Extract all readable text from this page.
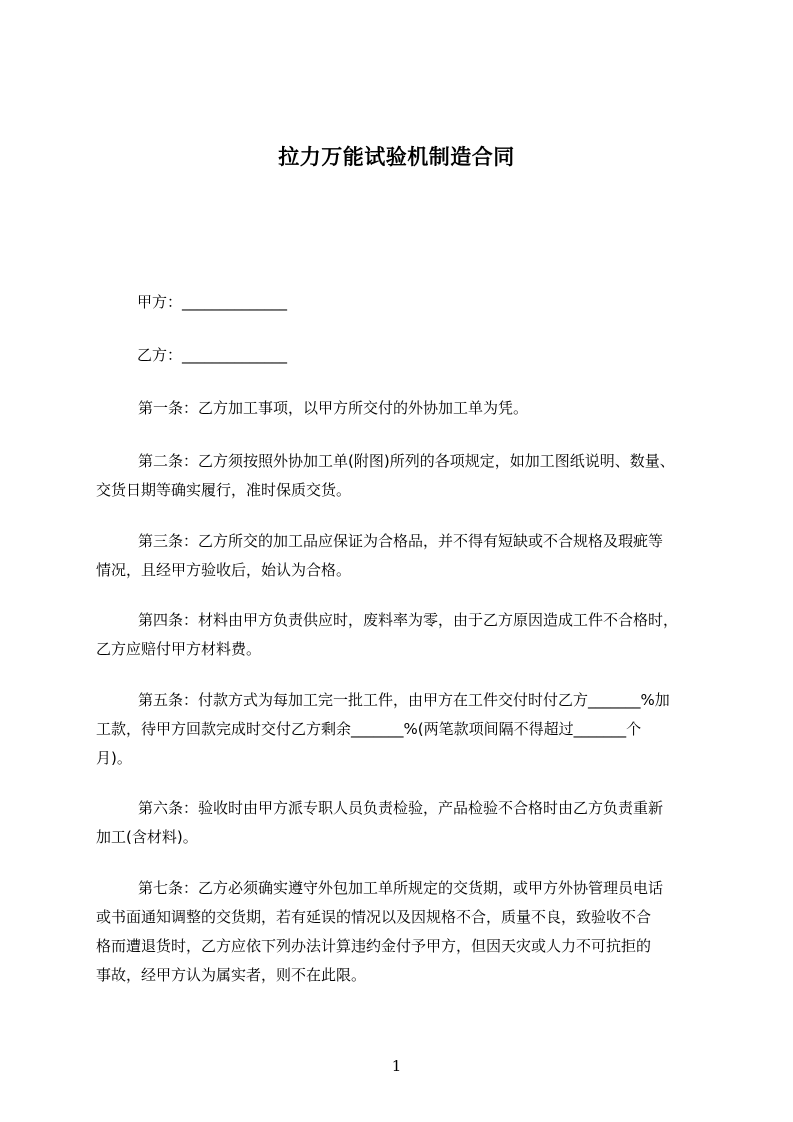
拉力万能试验机制造合同
甲方：______________
乙方：______________
第一条：乙方加工事项，以甲方所交付的外协加工单为凭。
第二条：乙方须按照外协加工单(附图)所列的各项规定，如加工图纸说明、数量、
交货日期等确实履行，准时保质交货。
第三条：乙方所交的加工品应保证为合格品，并不得有短缺或不合规格及瑕疵等
情况，且经甲方验收后，始认为合格。
第四条：材料由甲方负责供应时，废料率为零，由于乙方原因造成工件不合格时，
乙方应赔付甲方材料费。
第五条：付款方式为每加工完一批工件，由甲方在工件交付时付乙方_______%加
工款，待甲方回款完成时交付乙方剩余_______%(两笔款项间隔不得超过_______个
月)。
第六条：验收时由甲方派专职人员负责检验，产品检验不合格时由乙方负责重新
加工(含材料)。
第七条：乙方必须确实遵守外包加工单所规定的交货期，或甲方外协管理员电话
或书面通知调整的交货期，若有延误的情况以及因规格不合，质量不良，致验收不合
格而遭退货时，乙方应依下列办法计算违约金付予甲方，但因天灾或人力不可抗拒的
事故，经甲方认为属实者，则不在此限。
1
